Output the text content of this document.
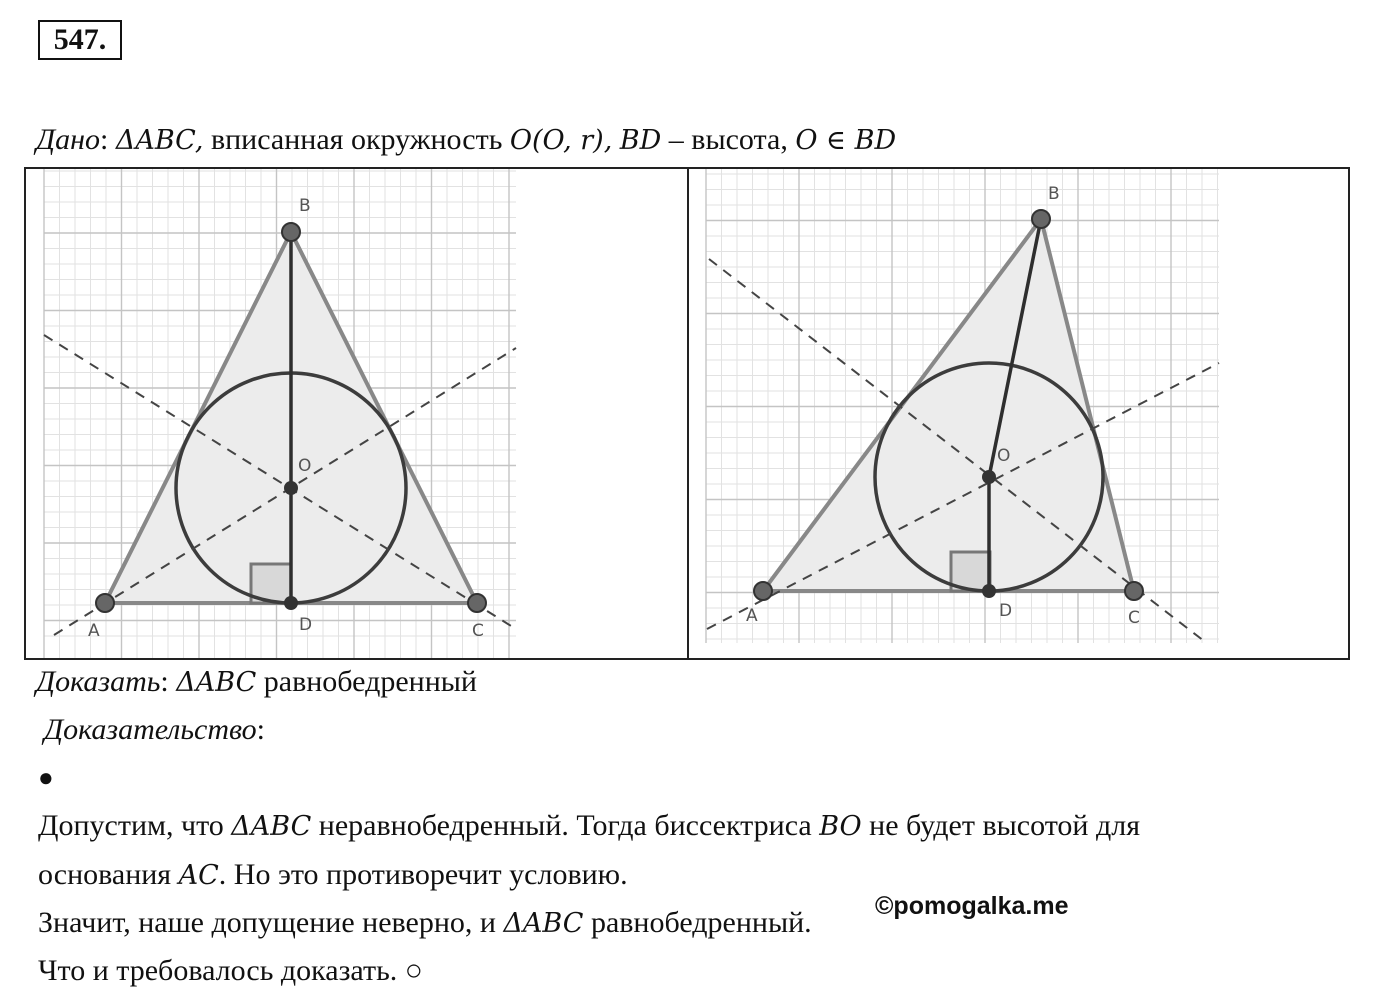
547.
Дано: ΔABC, вписанная окружность O(O, r), BD – высота, O ∈ BD
A
B
C
D
O
A
B
C
D
O
Доказать: ΔABC равнобедренный
Доказательство:
●
Допустим, что ΔABC неравнобедренный. Тогда биссектриса BO не будет высотой для
основания AC. Но это противоречит условию.
Значит, наше допущение неверно, и ΔABC равнобедренный.
Что и требовалось доказать. ○
©pomogalka.me
